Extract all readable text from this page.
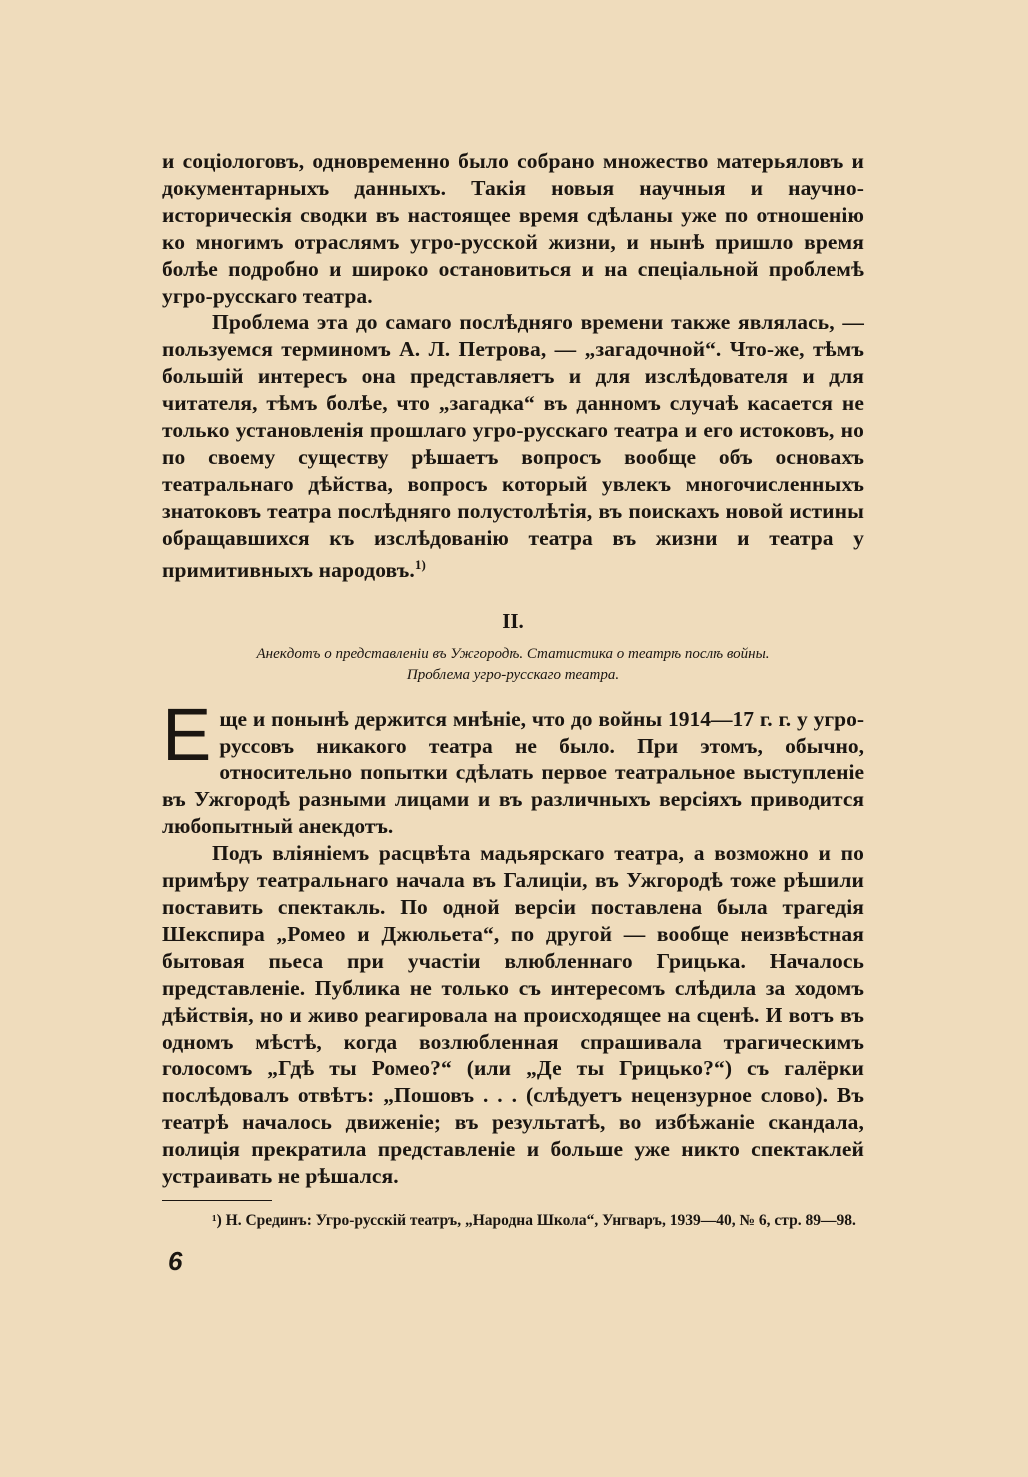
и соціологовъ, одновременно было собрано множество матерьяловъ и документарныхъ данныхъ. Такія новыя научныя и научно-историческія сводки въ настоящее время сдѣланы уже по отношенію ко многимъ отраслямъ угро-русской жизни, и нынѣ пришло время болѣе подробно и широко остановиться и на спеціальной проблемѣ угро-русскаго театра.

Проблема эта до самаго послѣдняго времени также являлась, — пользуемся терминомъ А. Л. Петрова, — „загадочной“. Что-же, тѣмъ большій интересъ она представляетъ и для изслѣдователя и для читателя, тѣмъ болѣе, что „загадка“ въ данномъ случаѣ касается не только установленія прошлаго угро-русскаго театра и его истоковъ, но по своему существу рѣшаетъ вопросъ вообще объ основахъ театральнаго дѣйства, вопросъ который увлекъ многочисленныхъ знатоковъ театра послѣдняго полустолѣтія, въ поискахъ новой истины обращавшихся къ изслѣдованію театра въ жизни и театра у примитивныхъ народовъ.$^{1)}$

II.

Анекдотъ о представленіи въ Ужгородѣ. Статистика о театрѣ послѣ войны.

Проблема угро-русскаго театра.

Еще и понынѣ держится мнѣніе, что до войны 1914—17 г. г. у угро-руссовъ никакого театра не было. При этомъ, обычно, относительно попытки сдѣлать первое театральное выступленіе въ Ужгородѣ разными лицами и въ различныхъ версіяхъ приводится любопытный анекдотъ.

Подъ вліяніемъ расцвѣта мадьярскаго театра, а возможно и по примѣру театральнаго начала въ Галиціи, въ Ужгородѣ тоже рѣшили поставить спектакль. По одной версіи поставлена была трагедія Шекспира „Ромео и Джюльета“, по другой — вообще неизвѣстная бытовая пьеса при участіи влюбленнаго Грицька. Началось представленіе. Публика не только съ интересомъ слѣдила за ходомъ дѣйствія, но и живо реагировала на происходящее на сценѣ. И вотъ въ одномъ мѣстѣ, когда возлюбленная спрашивала трагическимъ голосомъ „Гдѣ ты Ромео?“ (или „Де ты Грицько?“) съ галёрки послѣдовалъ отвѣтъ: „Пошовъ . . . (слѣдуетъ нецензурное слово). Въ театрѣ началось движеніе; въ результатѣ, во избѣжаніе скандала, полиція прекратила представленіе и больше уже никто спектаклей устраивать не рѣшался.

¹) Н. Срединъ: Угро-русскій театръ, „Народна Школа“, Унгваръ, 1939—40, № 6, стр. 89—98.

6
